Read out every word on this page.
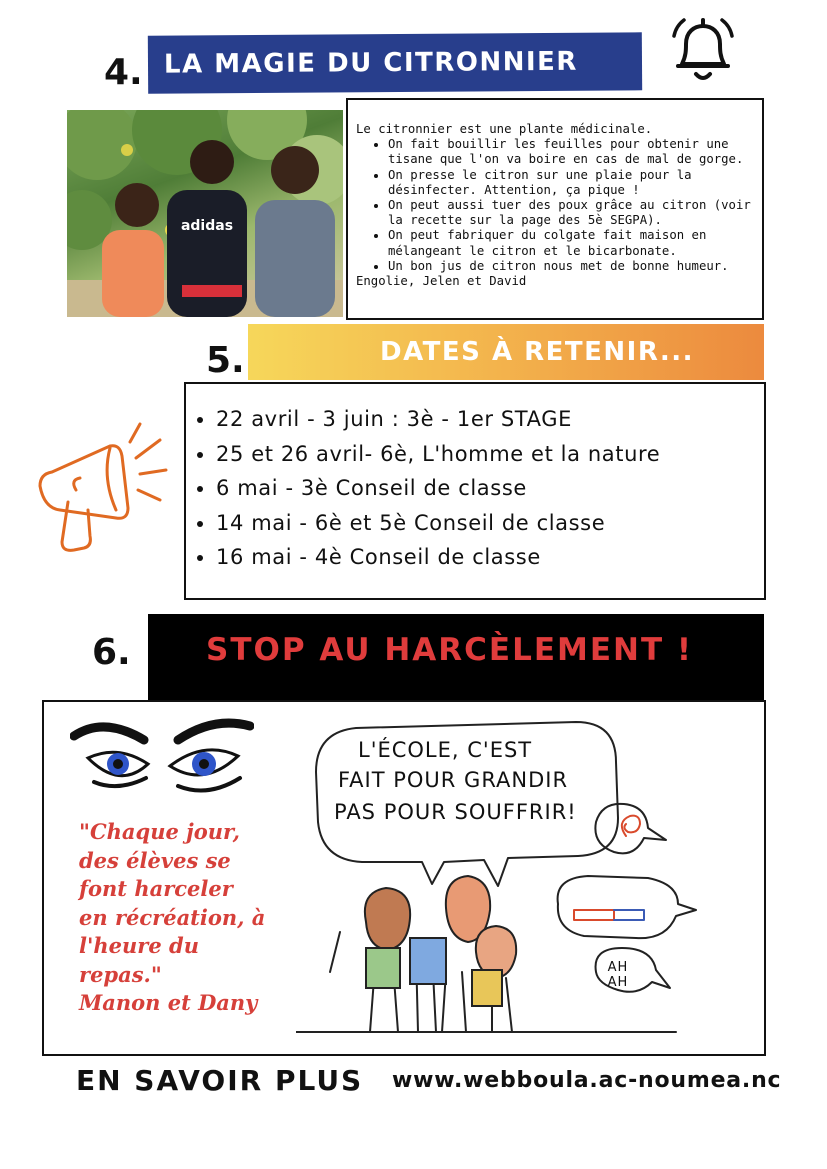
4. LA MAGIE DU CITRONNIER
adidas
Le citronnier est une plante médicinale.
• On fait bouillir les feuilles pour obtenir une tisane que l'on va boire en cas de mal de gorge.
• On presse le citron sur une plaie pour la désinfecter. Attention, ça pique !
• On peut aussi tuer des poux grâce au citron (voir la recette sur la page des 5è SEGPA).
• On peut fabriquer du colgate fait maison en mélangeant le citron et le bicarbonate.
• Un bon jus de citron nous met de bonne humeur.
Engolie, Jelen et David
5.	DATES À RETENIR...
• 22 avril - 3 juin : 3è - 1er STAGE
• 25 et 26 avril- 6è, L'homme et la nature
• 6 mai - 3è Conseil de classe
• 14 mai - 6è et 5è Conseil de classe
• 16 mai - 4è Conseil de classe
6.	STOP AU HARCÈLEMENT !
"Chaque jour,
des élèves se
font harceler
en récréation, à
l'heure du
repas."
Manon et Dany
L'ÉCOLE, C'EST
FAIT POUR GRANDIR
PAS POUR SOUFFRIR!
AH AH
EN SAVOIR PLUS www.webboula.ac-noumea.nc
